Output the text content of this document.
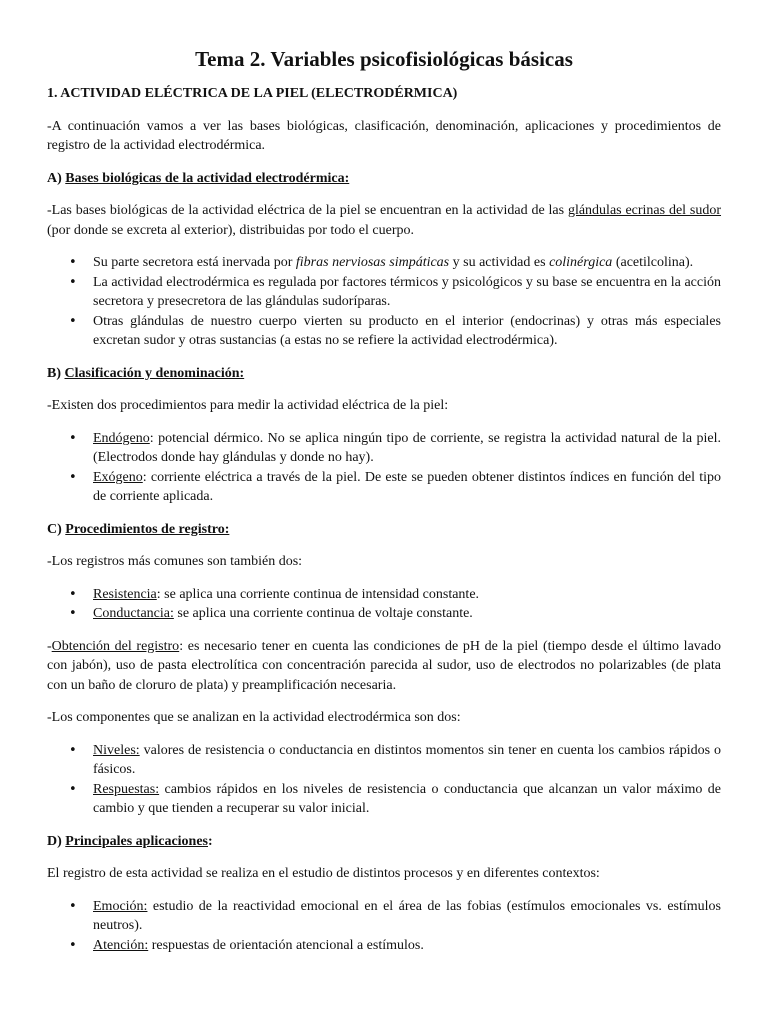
Tema 2. Variables psicofisiológicas básicas
1. ACTIVIDAD ELÉCTRICA DE LA PIEL (ELECTRODÉRMICA)

-A continuación vamos a ver las bases biológicas, clasificación, denominación, aplicaciones y procedimientos de registro de la actividad electrodérmica.

A) Bases biológicas de la actividad electrodérmica:

-Las bases biológicas de la actividad eléctrica de la piel se encuentran en la actividad de las glándulas ecrinas del sudor (por donde se excreta al exterior), distribuidas por todo el cuerpo.

• Su parte secretora está inervada por fibras nerviosas simpáticas y su actividad es colinérgica (acetilcolina).
• La actividad electrodérmica es regulada por factores térmicos y psicológicos y su base se encuentra en la acción secretora y presecretora de las glándulas sudoríparas.
• Otras glándulas de nuestro cuerpo vierten su producto en el interior (endocrinas) y otras más especiales excretan sudor y otras sustancias (a estas no se refiere la actividad electrodérmica).
B) Clasificación y denominación:

-Existen dos procedimientos para medir la actividad eléctrica de la piel:

• Endógeno: potencial dérmico. No se aplica ningún tipo de corriente, se registra la actividad natural de la piel. (Electrodos donde hay glándulas y donde no hay).
• Exógeno: corriente eléctrica a través de la piel. De este se pueden obtener distintos índices en función del tipo de corriente aplicada.
C) Procedimientos de registro:

-Los registros más comunes son también dos:

• Resistencia: se aplica una corriente continua de intensidad constante.
• Conductancia: se aplica una corriente continua de voltaje constante.

-Obtención del registro: es necesario tener en cuenta las condiciones de pH de la piel (tiempo desde el último lavado con jabón), uso de pasta electrolítica con concentración parecida al sudor, uso de electrodos no polarizables (de plata con un baño de cloruro de plata) y preamplificación necesaria.

-Los componentes que se analizan en la actividad electrodérmica son dos:

• Niveles: valores de resistencia o conductancia en distintos momentos sin tener en cuenta los cambios rápidos o fásicos.
• Respuestas: cambios rápidos en los niveles de resistencia o conductancia que alcanzan un valor máximo de cambio y que tienden a recuperar su valor inicial.
D) Principales aplicaciones:

El registro de esta actividad se realiza en el estudio de distintos procesos y en diferentes contextos:

• Emoción: estudio de la reactividad emocional en el área de las fobias (estímulos emocionales vs. estímulos neutros).
• Atención: respuestas de orientación atencional a estímulos.
